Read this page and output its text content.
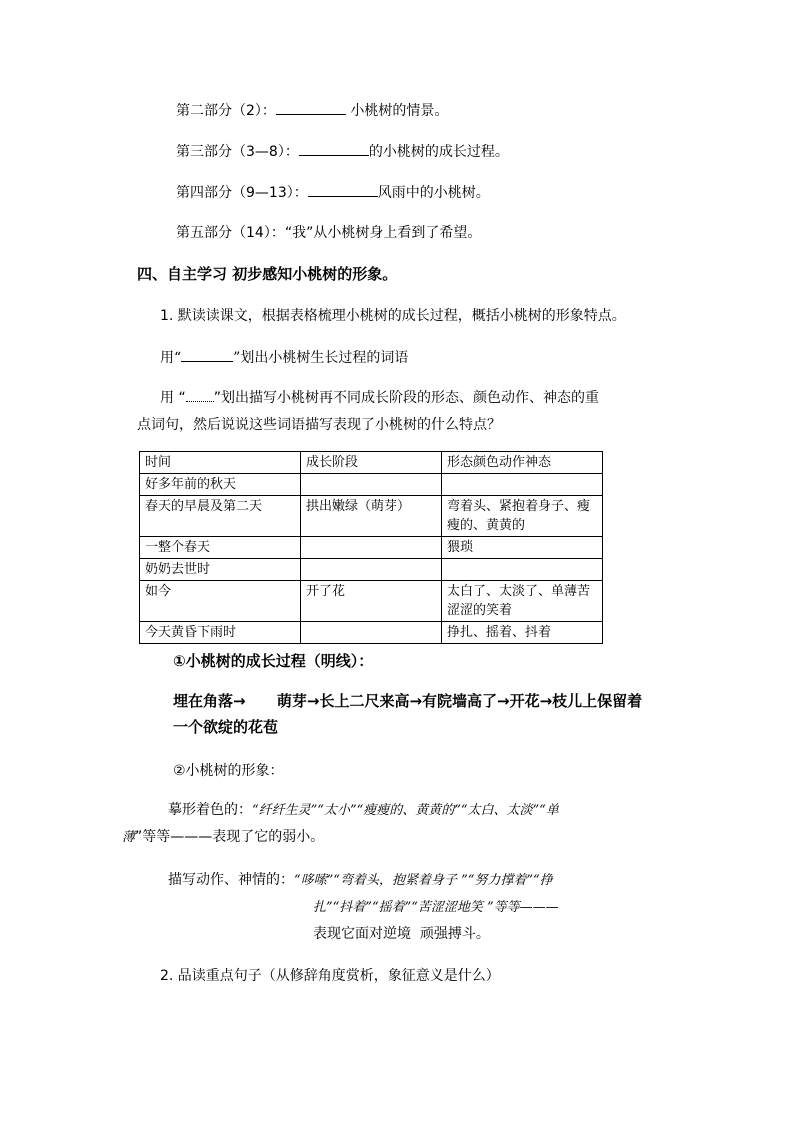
第二部分（2）：	小桃树的情景。
第三部分（3—8）：	的小桃树的成长过程。
第四部分（9—13）：	风雨中的小桃树。
第五部分（14）：“我”从小桃树身上看到了希望。
四、自主学习 初步感知小桃树的形象。
1. 默读读课文，根据表格梳理小桃树的成长过程，概括小桃树的形象特点。
用“	”划出小桃树生长过程的词语
用 “ ”划出描写小桃树再不同成长阶段的形态、颜色动作、神态的重
点词句，然后说说这些词语描写表现了小桃树的什么特点？
时间	成长阶段	形态颜色动作神态
好多年前的秋天		
春天的早晨及第二天	拱出嫩绿（萌芽）	弯着头、紧抱着身子、瘦瘦的、黄黄的
一整个春天		猥琐
奶奶去世时		
如今	开了花	太白了、太淡了、单薄苦涩涩的笑着
今天黄昏下雨时		挣扎、摇着、抖着
①小桃树的成长过程（明线）：
埋在角落→      萌芽→长上二尺来高→有院墙高了→开花→枝儿上保留着
一个欲绽的花苞
②小桃树的形象：
摹形着色的：“纤纤生灵”“太小”“瘦瘦的、黄黄的”“太白、太淡”“单
薄”等等———表现了它的弱小。
描写动作、神情的：“哆嗦”“弯着头，抱紧着身子 ”“努力撑着”“挣
扎”“抖着”“摇着”“苦涩涩地笑 ”等等———
表现它面对逆境  顽强搏斗。
2. 品读重点句子（从修辞角度赏析，象征意义是什么）
